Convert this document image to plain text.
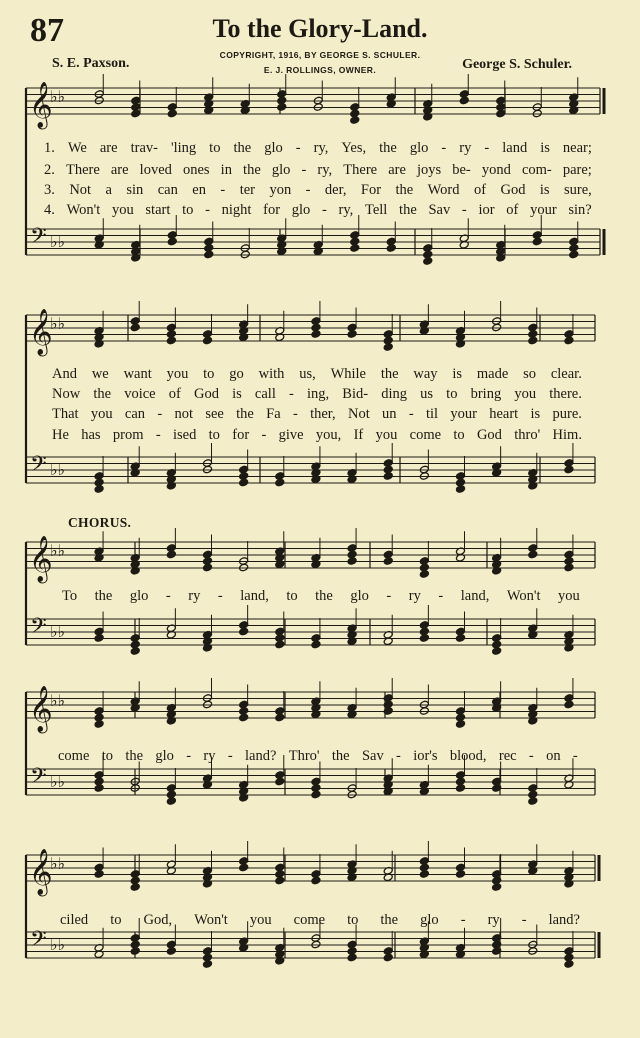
87	To the Glory-Land.
S. E. Paxson.	George S. Schuler.
COPYRIGHT, 1916, BY GEORGE S. SCHULER.
E. J. ROLLINGS, OWNER.
𝄞
𝄢
♭♭
♭♭
𝄞
𝄢
♭♭
♭♭
𝄞
𝄢
♭♭
♭♭
𝄞
𝄢
♭♭
♭♭
𝄞
𝄢
♭♭
♭♭
1. We are trav- 'ling to the glo - ry, Yes, the glo - ry - land is near;
2. There are loved ones in the glo - ry, There are joys be- yond com- pare;
3. Not a sin can en - ter yon - der, For the Word of God is sure,
4. Won't you start to - night for glo - ry, Tell the Sav - ior of your sin?
And we want you to go with us, While the way is made so clear.
Now the voice of God is call - ing, Bid- ding us to bring you there.
That you can - not see the Fa - ther, Not un - til your heart is pure.
He has prom - ised to for - give you, If you come to God thro' Him.
CHORUS.
To the glo - ry - land, to the glo - ry - land, Won't you
come to the glo - ry - land? Thro' the Sav - ior's blood, rec - on -
ciled to God, Won't you come to the glo - ry - land?
